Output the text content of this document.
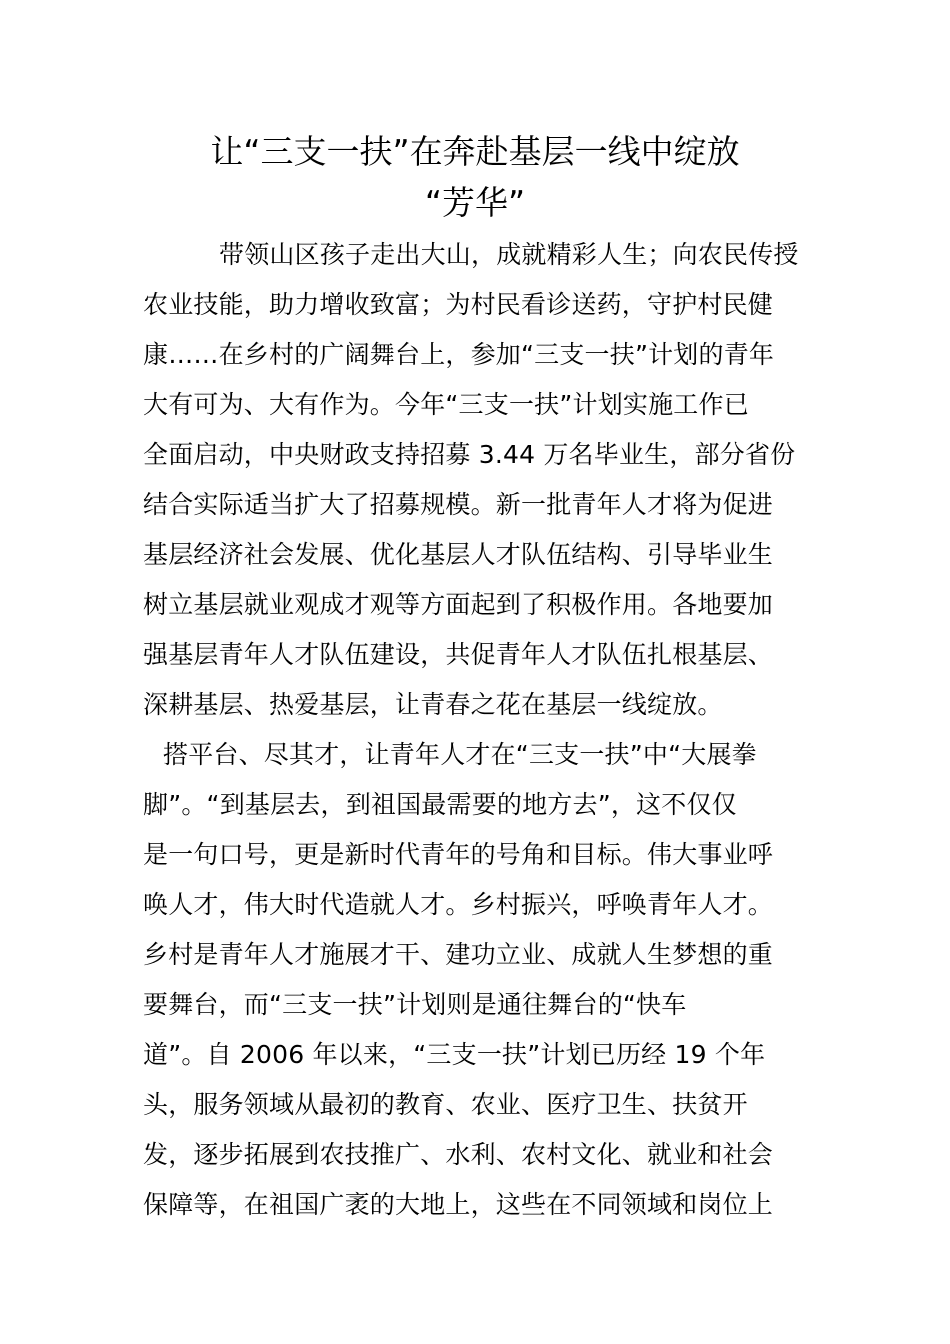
让“三支一扶”在奔赴基层一线中绽放
“芳华”
带领山区孩子走出大山，成就精彩人生；向农民传授
农业技能，助力增收致富；为村民看诊送药，守护村民健
康……在乡村的广阔舞台上，参加“三支一扶”计划的青年
大有可为、大有作为。今年“三支一扶”计划实施工作已
全面启动，中央财政支持招募 3.44 万名毕业生，部分省份
结合实际适当扩大了招募规模。新一批青年人才将为促进
基层经济社会发展、优化基层人才队伍结构、引导毕业生
树立基层就业观成才观等方面起到了积极作用。各地要加
强基层青年人才队伍建设，共促青年人才队伍扎根基层、
深耕基层、热爱基层，让青春之花在基层一线绽放。
搭平台、尽其才，让青年人才在“三支一扶”中“大展拳
脚”。“到基层去，到祖国最需要的地方去”，这不仅仅
是一句口号，更是新时代青年的号角和目标。伟大事业呼
唤人才，伟大时代造就人才。乡村振兴，呼唤青年人才。
乡村是青年人才施展才干、建功立业、成就人生梦想的重
要舞台，而“三支一扶”计划则是通往舞台的“快车
道”。自 2006 年以来，“三支一扶”计划已历经 19 个年
头，服务领域从最初的教育、农业、医疗卫生、扶贫开
发，逐步拓展到农技推广、水利、农村文化、就业和社会
保障等，在祖国广袤的大地上，这些在不同领域和岗位上
